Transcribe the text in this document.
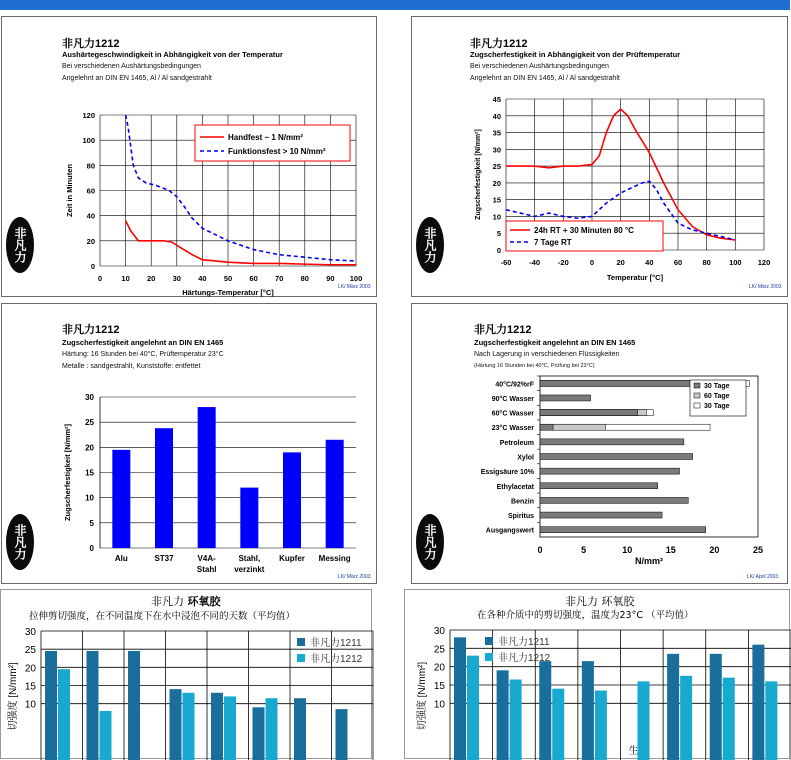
非凡力
非凡力1212
Aushärtegeschwindigkeit in Abhängigkeit von der Temperatur
Bei verschiedenen Aushärtungsbedingungen
Angelehnt an DIN EN 1465, Al / Al sandgestrahlt
LK/ März 2003
0	10 20 30 40 50 60 70 80 90 100
0
20
40
60
80
100
120
Härtungs-Temperatur [°C]
Zeit in Minuten
Handfest ~ 1 N/mm²
Funktionsfest > 10 N/mm²
非凡力
非凡力1212
Zugscherfestigkeit in Abhängigkeit von der Prüftemperatur
Bei verschiedenen Aushärtungsbedingungen
Angelehnt an DIN EN 1465, Al / Al sandgestrahlt
LK/ März 2003
-60 -40 -20	0	20	40	60	80 100 120
0
5
10
15
20
25
30
35
40
45
Temperatur [°C]
Zugscherfestigkeit [N/mm²]
24h RT + 30 Minuten 80 °C
7 Tage RT
非凡力
非凡力1212
Zugscherfestigkeit angelehnt an DIN EN 1465
Härtung: 16 Stunden bei 40°C, Prüftemperatur 23°C
Metalle : sandgestrahlt, Kunststoffe: entfettet
LK/ März 2003
0
5
10
15
20
25
30
Zugscherfestigkeit [N/mm²]
Alu	ST37	V4A-
Stahl
Stahl,
verzinkt
Kupfer Messing	非凡力
非凡力1212
Zugscherfestigkeit angelehnt an DIN EN 1465
Nach Lagerung in verschiedenen Flüssigkeiten
(Härtung 16 Stunden bei 40°C, Prüfung bei 23°C)
LK/ April 2003
0	5	10	15	20	25
N/mm²
40°C/92%rF
90°C Wasser
60°C Wasser
23°C Wasser
Petroleum
Xylol
Essigsäure 10%
Ethylacetat
Benzin
Spiritus
Ausgangswert
30 Tage
60 Tage
30 Tage
非凡力 环氧胶
拉伸剪切强度，在不同温度下在水中浸泡不同的天数（平均值）
10
15
20
25
30
切强度 [N/mm²]
非凡力1211
非凡力1212
非凡力 环氧胶
在各种介质中的剪切强度，温度为23°C （平均值）
10
15
20
25
30
切强度 [N/mm²]
非凡力1211
非凡力1212
生
